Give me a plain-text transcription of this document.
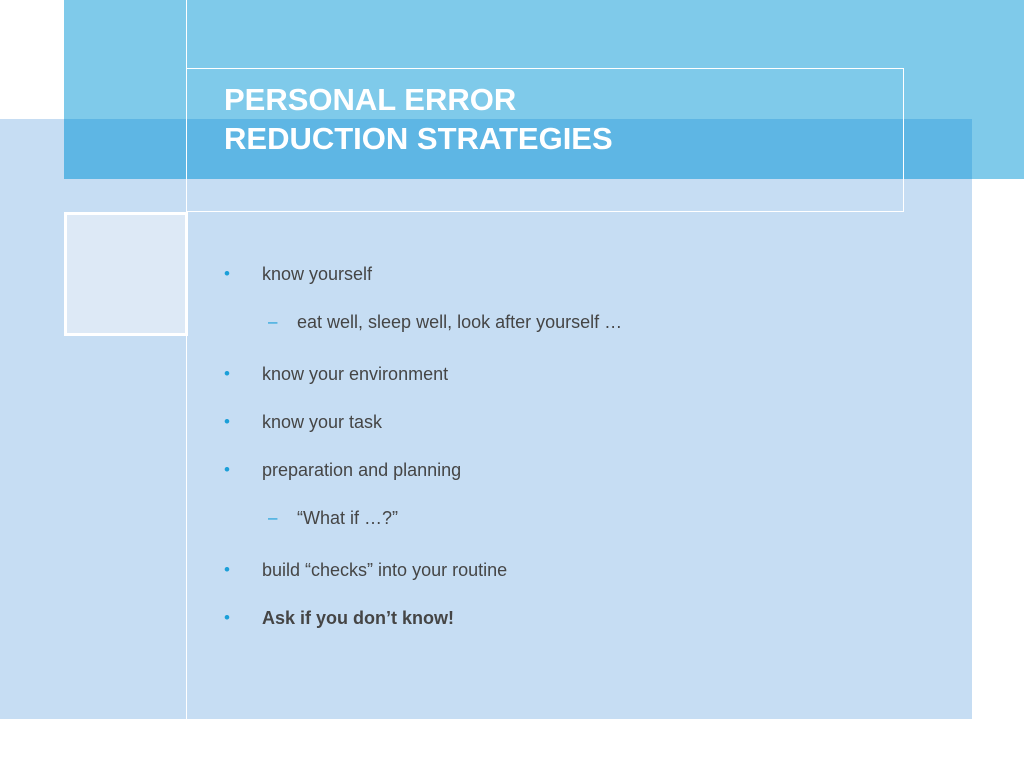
PERSONAL ERROR
REDUCTION STRATEGIES
• know yourself
– eat well, sleep well, look after yourself …
• know your environment
• know your task
• preparation and planning
– “What if …?”
• build “checks” into your routine
• Ask if you don’t know!
